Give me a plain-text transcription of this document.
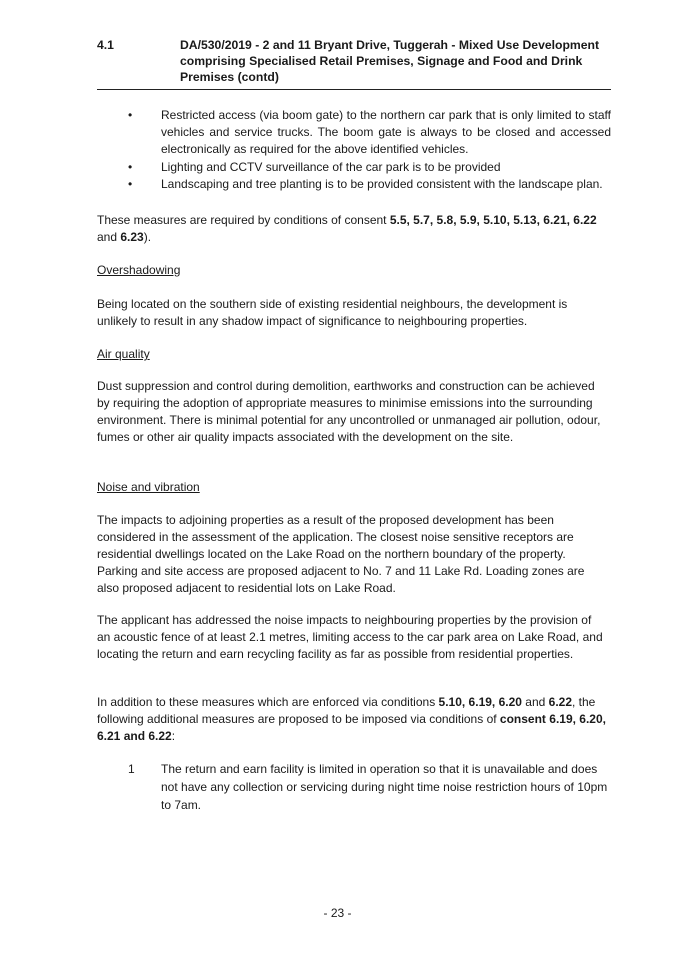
4.1	DA/530/2019 - 2 and 11 Bryant Drive, Tuggerah - Mixed Use Development comprising Specialised Retail Premises, Signage and Food and Drink Premises (contd)
• Restricted access (via boom gate) to the northern car park that is only limited to staff vehicles and service trucks. The boom gate is always to be closed and accessed electronically as required for the above identified vehicles.
• Lighting and CCTV surveillance of the car park is to be provided
• Landscaping and tree planting is to be provided consistent with the landscape plan.

These measures are required by conditions of consent 5.5, 5.7, 5.8, 5.9, 5.10, 5.13, 6.21, 6.22 and 6.23).

Overshadowing

Being located on the southern side of existing residential neighbours, the development is unlikely to result in any shadow impact of significance to neighbouring properties.

Air quality

Dust suppression and control during demolition, earthworks and construction can be achieved by requiring the adoption of appropriate measures to minimise emissions into the surrounding environment. There is minimal potential for any uncontrolled or unmanaged air pollution, odour, fumes or other air quality impacts associated with the development on the site.

Noise and vibration

The impacts to adjoining properties as a result of the proposed development has been considered in the assessment of the application. The closest noise sensitive receptors are residential dwellings located on the Lake Road on the northern boundary of the property. Parking and site access are proposed adjacent to No. 7 and 11 Lake Rd. Loading zones are also proposed adjacent to residential lots on Lake Road.

The applicant has addressed the noise impacts to neighbouring properties by the provision of an acoustic fence of at least 2.1 metres, limiting access to the car park area on Lake Road, and locating the return and earn recycling facility as far as possible from residential properties.

In addition to these measures which are enforced via conditions 5.10, 6.19, 6.20 and 6.22, the following additional measures are proposed to be imposed via conditions of consent 6.19, 6.20, 6.21 and 6.22:

1 The return and earn facility is limited in operation so that it is unavailable and does not have any collection or servicing during night time noise restriction hours of 10pm to 7am.
- 23 -
